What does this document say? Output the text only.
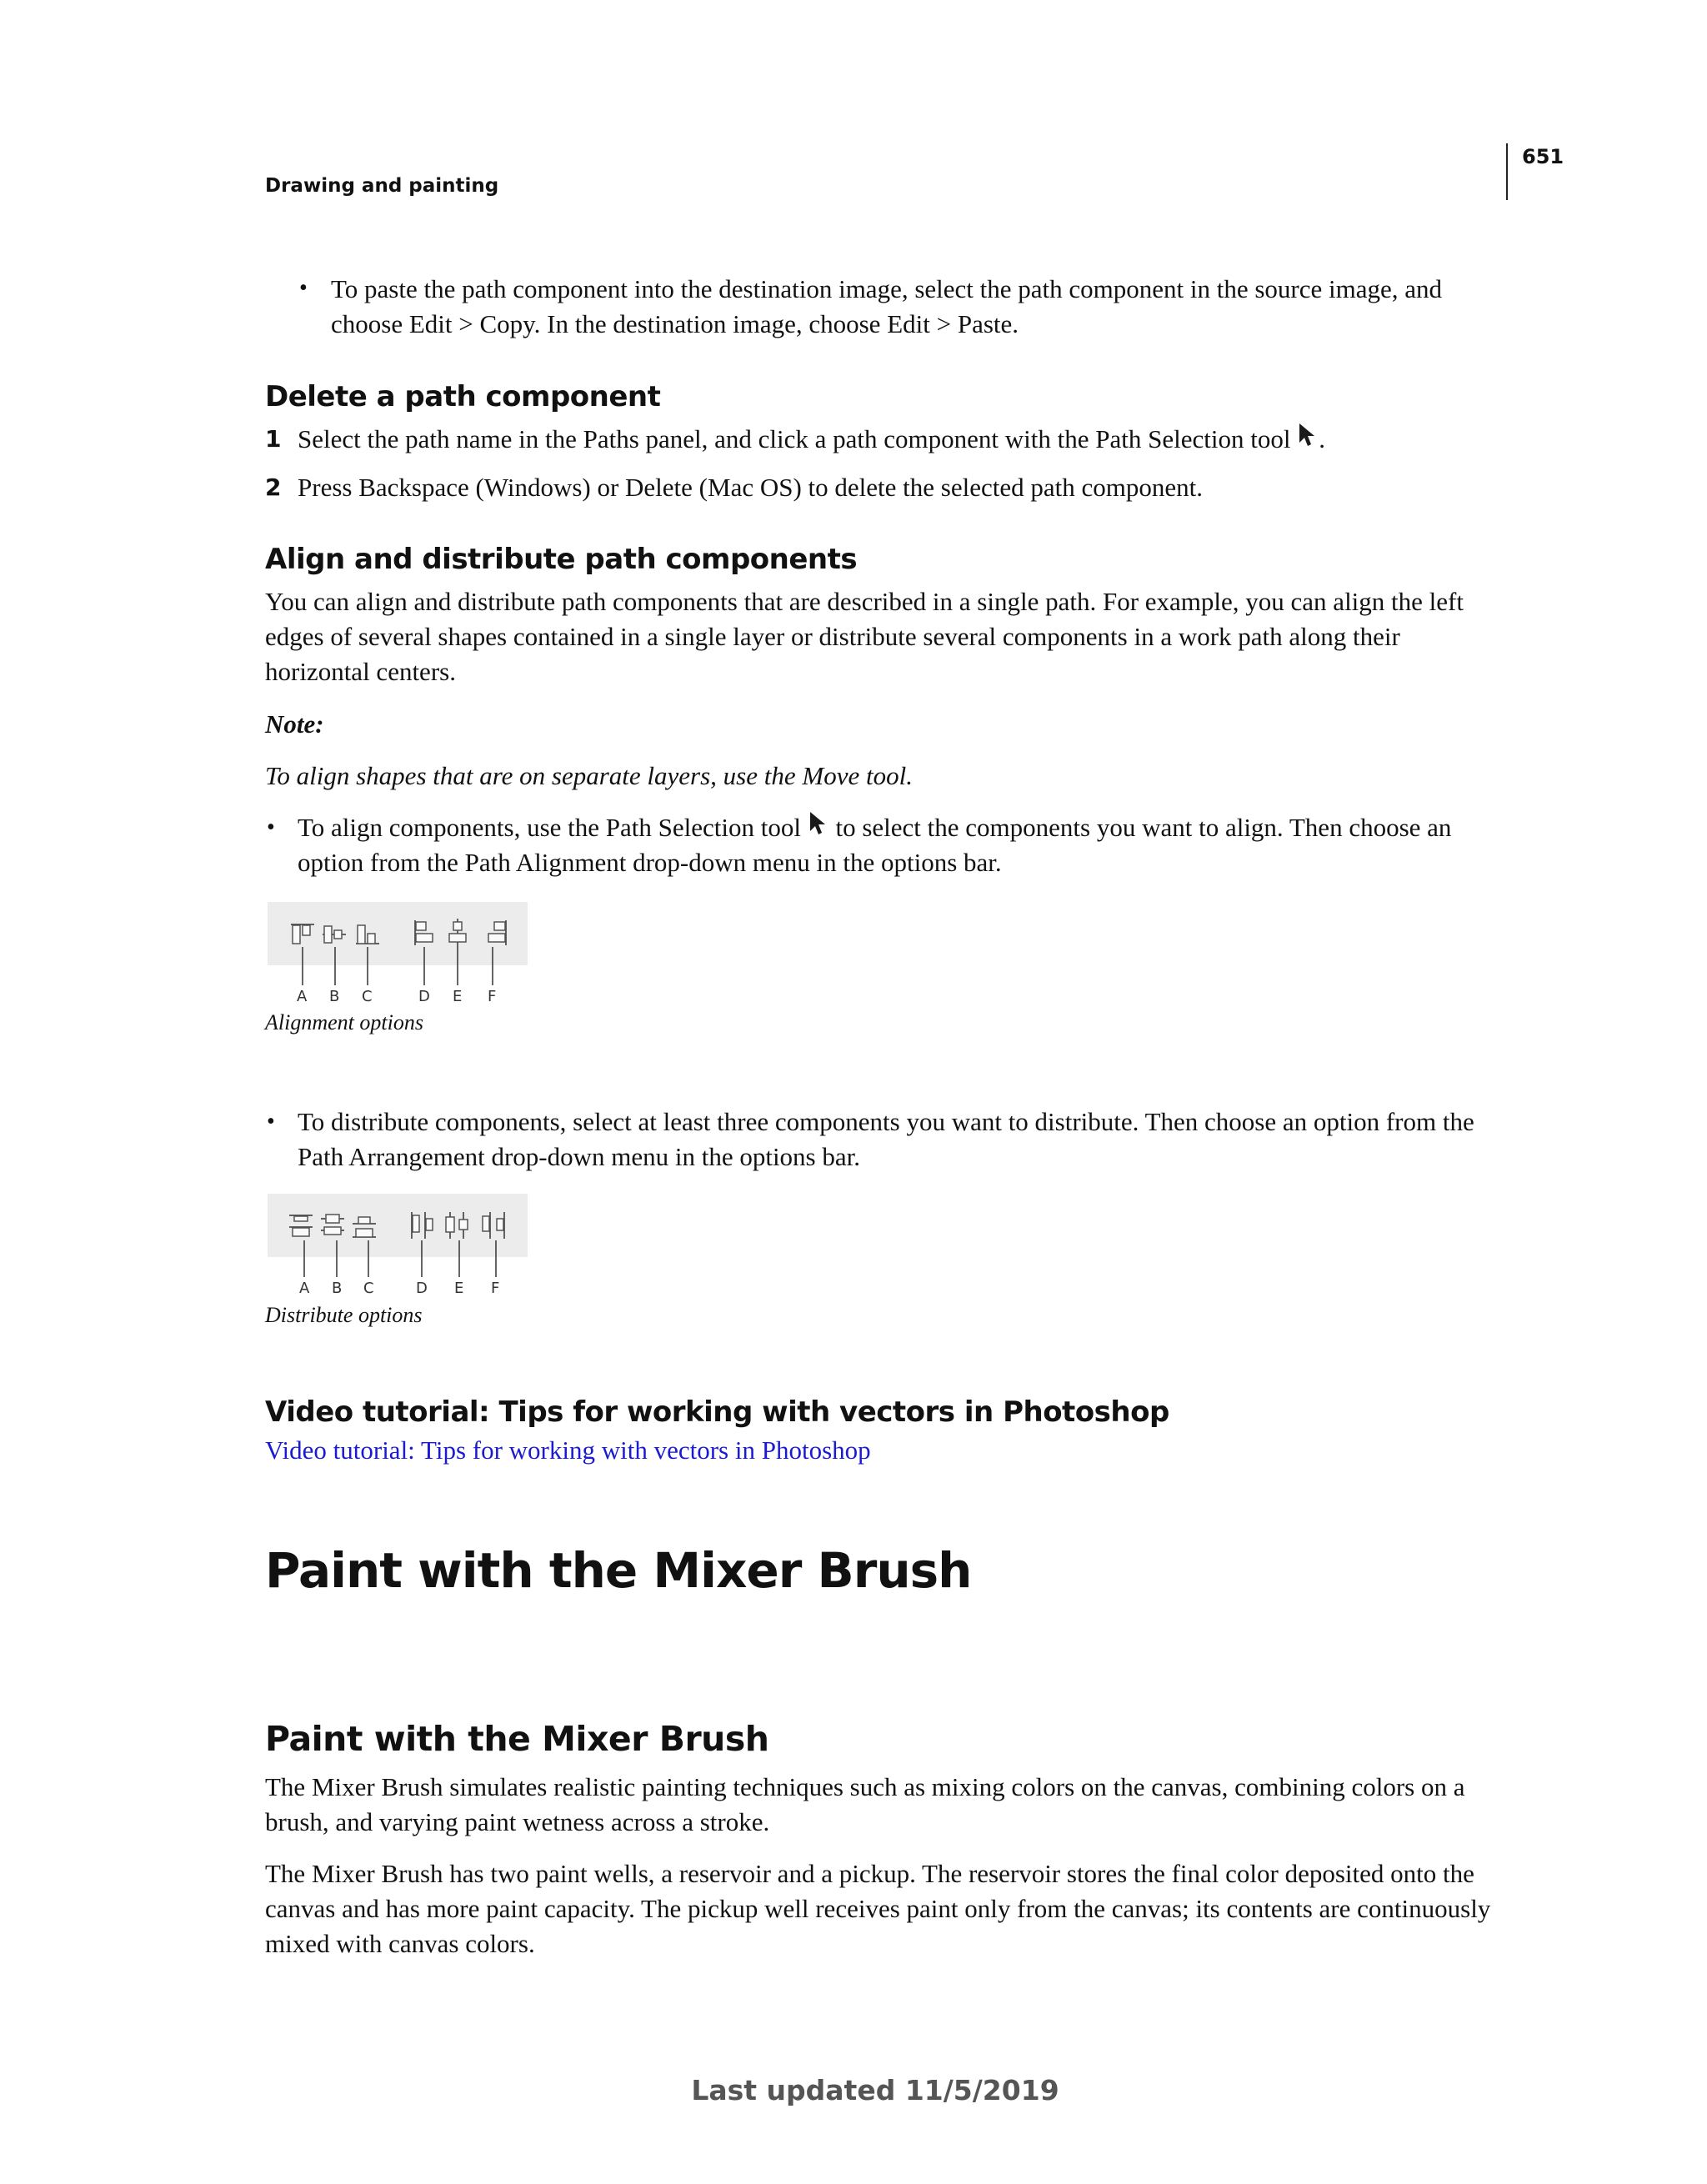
Drawing and painting
651
• To paste the path component into the destination image, select the path component in the source image, and
choose Edit > Copy. In the destination image, choose Edit > Paste.
Delete a path component
1 Select the path name in the Paths panel, and click a path component with the Path Selection tool .
2 Press Backspace (Windows) or Delete (Mac OS) to delete the selected path component.
Align and distribute path components
You can align and distribute path components that are described in a single path. For example, you can align the left
edges of several shapes contained in a single layer or distribute several components in a work path along their
horizontal centers.
Note:
To align shapes that are on separate layers, use the Move tool.
• To align components, use the Path Selection tool to select the components you want to align. Then choose an
option from the Path Alignment drop-down menu in the options bar.
A B C	D E F
Alignment options
• To distribute components, select at least three components you want to distribute. Then choose an option from the
Path Arrangement drop-down menu in the options bar.
A B C	D E F
Distribute options
Video tutorial: Tips for working with vectors in Photoshop
Video tutorial: Tips for working with vectors in Photoshop
Paint with the Mixer Brush
Paint with the Mixer Brush
The Mixer Brush simulates realistic painting techniques such as mixing colors on the canvas, combining colors on a
brush, and varying paint wetness across a stroke.
The Mixer Brush has two paint wells, a reservoir and a pickup. The reservoir stores the final color deposited onto the
canvas and has more paint capacity. The pickup well receives paint only from the canvas; its contents are continuously
mixed with canvas colors.
Last updated 11/5/2019
